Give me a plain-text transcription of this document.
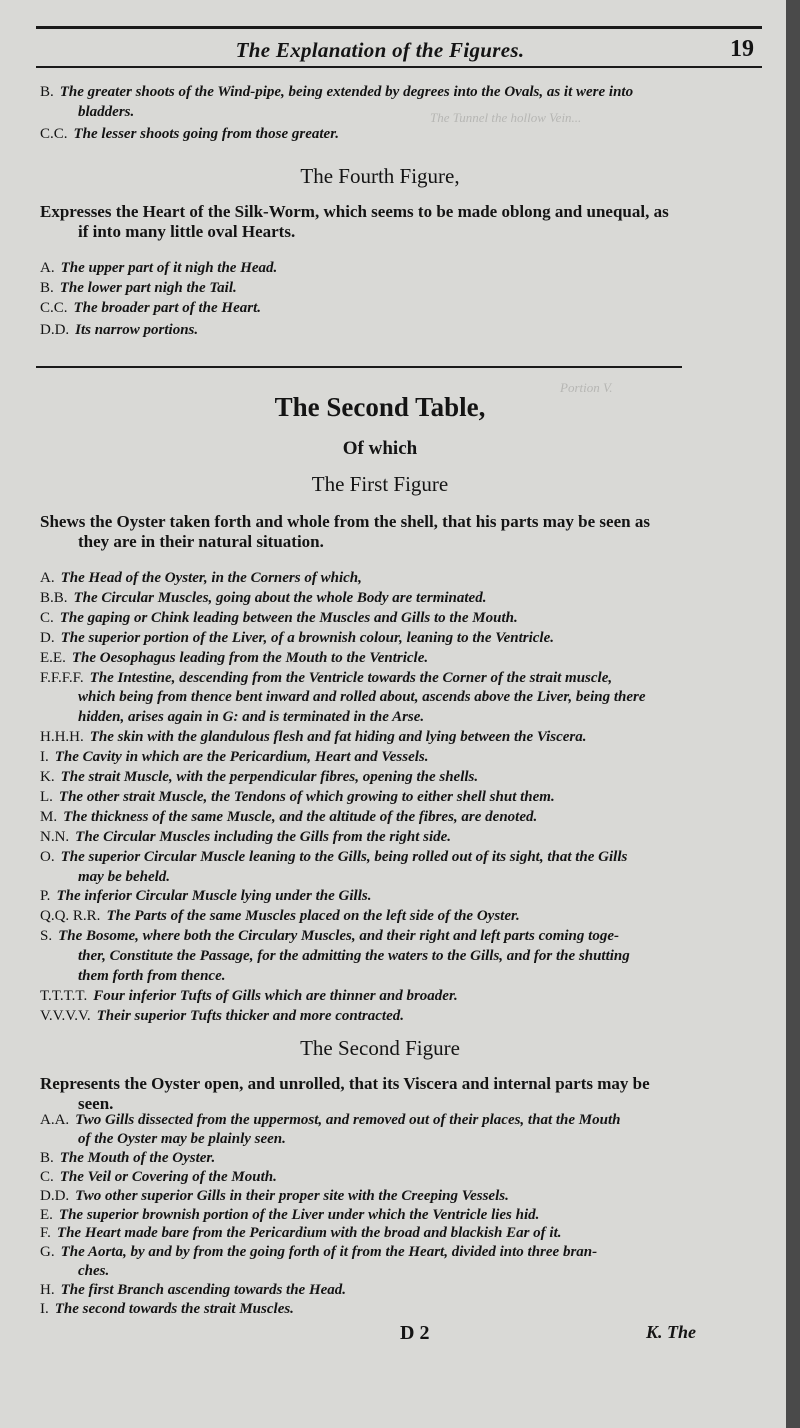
The Explanation of the Figures.	19
The Tunnel the hollow Vein...
Portion V.
B. The greater shoots of the Wind-pipe, being extended by degrees into the Ovals, as it were into
bladders.
C.C. The lesser shoots going from those greater.
The Fourth Figure,
Expresses the Heart of the Silk-Worm, which seems to be made oblong and unequal, as
if into many little oval Hearts.
A. The upper part of it nigh the Head.
B. The lower part nigh the Tail.
C.C. The broader part of the Heart.
D.D. Its narrow portions.
The Second Table,
Of which
The First Figure
Shews the Oyster taken forth and whole from the shell, that his parts may be seen as
they are in their natural situation.
A. The Head of the Oyster, in the Corners of which,
B.B. The Circular Muscles, going about the whole Body are terminated.
C. The gaping or Chink leading between the Muscles and Gills to the Mouth.
D. The superior portion of the Liver, of a brownish colour, leaning to the Ventricle.
E.E. The Oesophagus leading from the Mouth to the Ventricle.
F.F.F.F. The Intestine, descending from the Ventricle towards the Corner of the strait muscle,
which being from thence bent inward and rolled about, ascends above the Liver, being there
hidden, arises again in G: and is terminated in the Arse.
H.H.H. The skin with the glandulous flesh and fat hiding and lying between the Viscera.
I. The Cavity in which are the Pericardium, Heart and Vessels.
K. The strait Muscle, with the perpendicular fibres, opening the shells.
L. The other strait Muscle, the Tendons of which growing to either shell shut them.
M. The thickness of the same Muscle, and the altitude of the fibres, are denoted.
N.N. The Circular Muscles including the Gills from the right side.
O. The superior Circular Muscle leaning to the Gills, being rolled out of its sight, that the Gills
may be beheld.
P. The inferior Circular Muscle lying under the Gills.
Q.Q. R.R. The Parts of the same Muscles placed on the left side of the Oyster.
S. The Bosome, where both the Circulary Muscles, and their right and left parts coming toge-
ther, Constitute the Passage, for the admitting the waters to the Gills, and for the shutting
them forth from thence.
T.T.T.T. Four inferior Tufts of Gills which are thinner and broader.
V.V.V.V. Their superior Tufts thicker and more contracted.
The Second Figure
Represents the Oyster open, and unrolled, that its Viscera and internal parts may be
seen.
A.A. Two Gills dissected from the uppermost, and removed out of their places, that the Mouth
of the Oyster may be plainly seen.
B. The Mouth of the Oyster.
C. The Veil or Covering of the Mouth.
D.D. Two other superior Gills in their proper site with the Creeping Vessels.
E. The superior brownish portion of the Liver under which the Ventricle lies hid.
F. The Heart made bare from the Pericardium with the broad and blackish Ear of it.
G. The Aorta, by and by from the going forth of it from the Heart, divided into three bran-
ches.
H. The first Branch ascending towards the Head.
I. The second towards the strait Muscles.
D 2	K. The
